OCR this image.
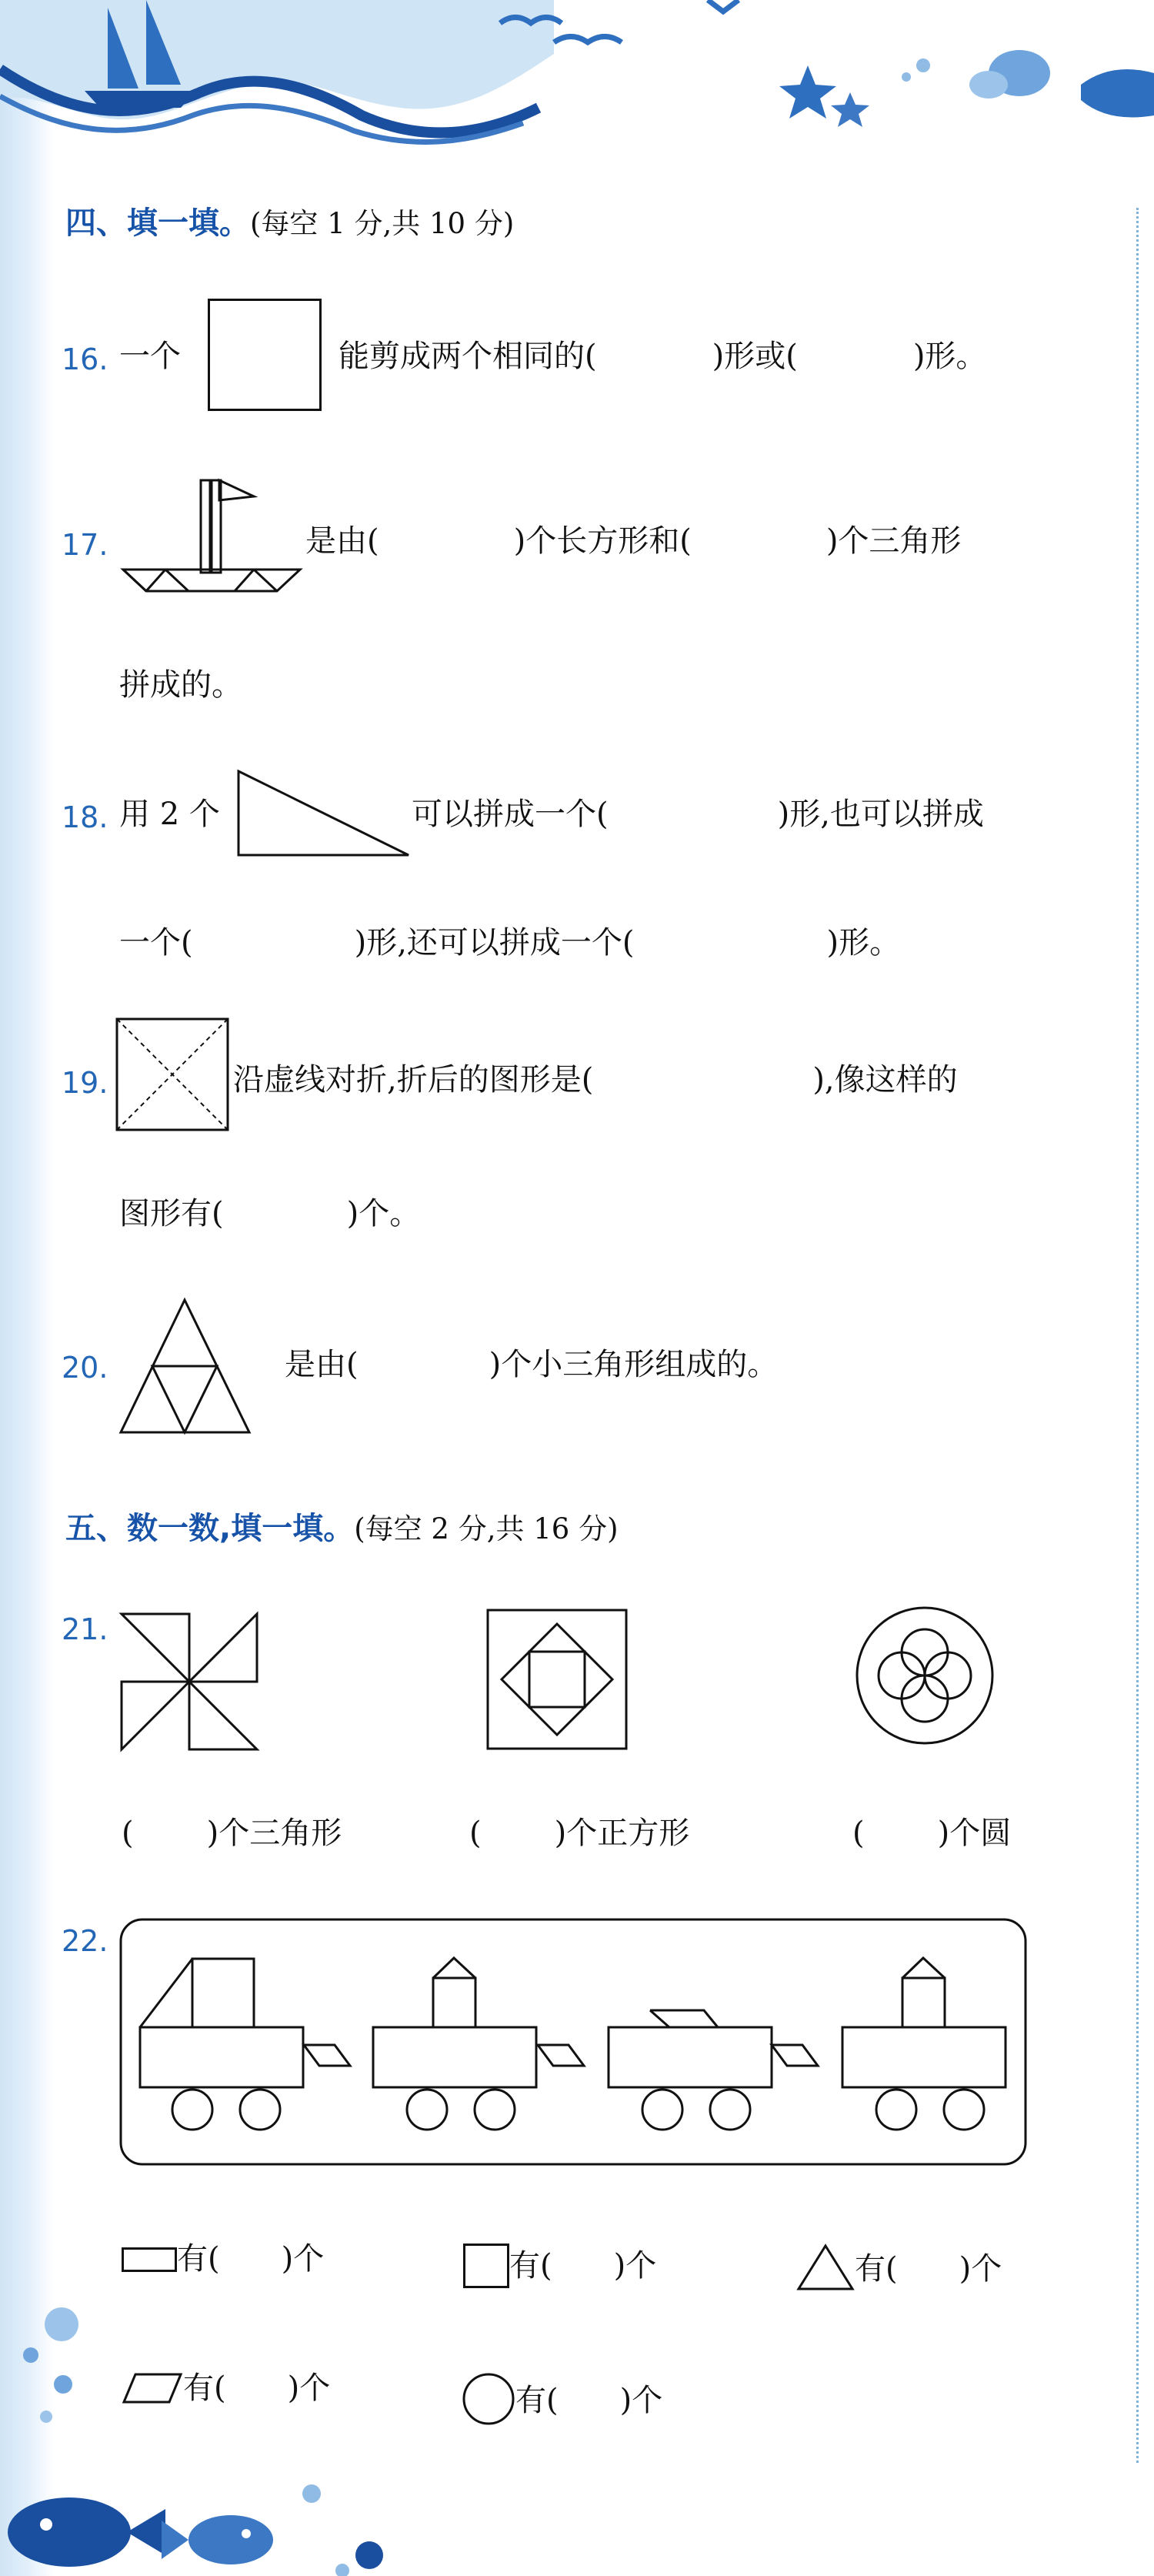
四、填一填。(每空 1 分,共 10 分)
16. 一个	能剪成两个相同的(	)形或(	)形。
17.	是由(	)个长方形和(	)个三角形
拼成的。
18. 用 2 个	可以拼成一个(	)形,也可以拼成
一个(	)形,还可以拼成一个(	)形。
19.	沿虚线对折,折后的图形是(	),像这样的
图形有(	)个。
20.	是由(	)个小三角形组成的。
五、数一数,填一填。(每空 2 分,共 16 分)
21.
( )个三角形	( )个正方形	( )个圆
22.
有( )个	有( )个	有( )个
有( )个	有( )个
